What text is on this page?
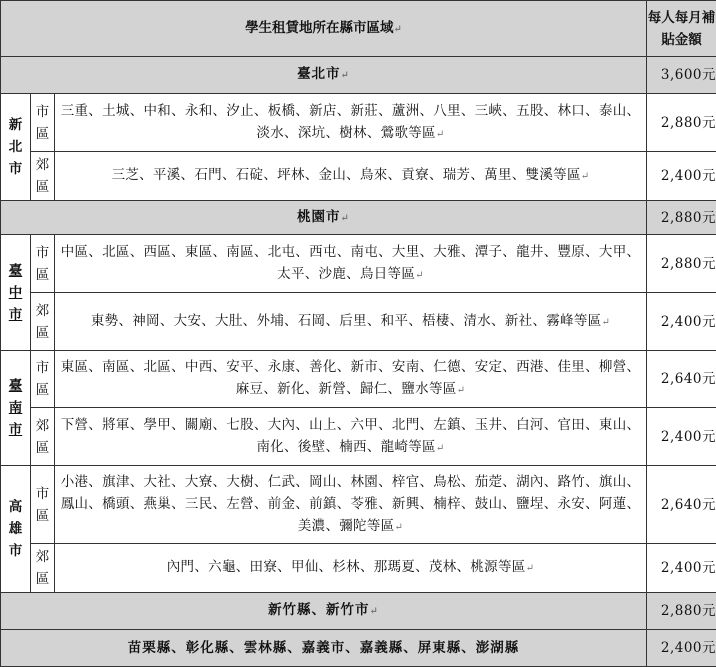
學生租賃地所在縣市區域↵			每人每月補貼金額
臺北市↵			3,600元
新北市	市區	三重、土城、中和、永和、汐止、板橋、新店、新莊、蘆洲、八里、三峽、五股、林口、泰山、淡水、深坑、樹林、鶯歌等區↵	2,880元
	郊區	三芝、平溪、石門、石碇、坪林、金山、烏來、貢寮、瑞芳、萬里、雙溪等區↵	2,400元
桃園市↵			2,880元
臺中市	市區	中區、北區、西區、東區、南區、北屯、西屯、南屯、大里、大雅、潭子、龍井、豐原、大甲、太平、沙鹿、烏日等區↵	2,880元
	郊區	東勢、神岡、大安、大肚、外埔、石岡、后里、和平、梧棲、清水、新社、霧峰等區↵	2,400元
臺南市	市區	東區、南區、北區、中西、安平、永康、善化、新市、安南、仁德、安定、西港、佳里、柳營、麻豆、新化、新營、歸仁、鹽水等區↵	2,640元
	郊區	下營、將軍、學甲、關廟、七股、大內、山上、六甲、北門、左鎮、玉井、白河、官田、東山、南化、後壁、楠西、龍崎等區↵	2,400元
高雄市	市區	小港、旗津、大社、大寮、大樹、仁武、岡山、林園、梓官、鳥松、茄萣、湖內、路竹、旗山、鳳山、橋頭、燕巢、三民、左營、前金、前鎮、苓雅、新興、楠梓、鼓山、鹽埕、永安、阿蓮、美濃、彌陀等區↵	2,640元
	郊區	內門、六龜、田寮、甲仙、杉林、那瑪夏、茂林、桃源等區↵	2,400元
新竹縣、新竹市↵			2,880元
苗栗縣、彰化縣、雲林縣、嘉義市、嘉義縣、屏東縣、澎湖縣			2,400元
